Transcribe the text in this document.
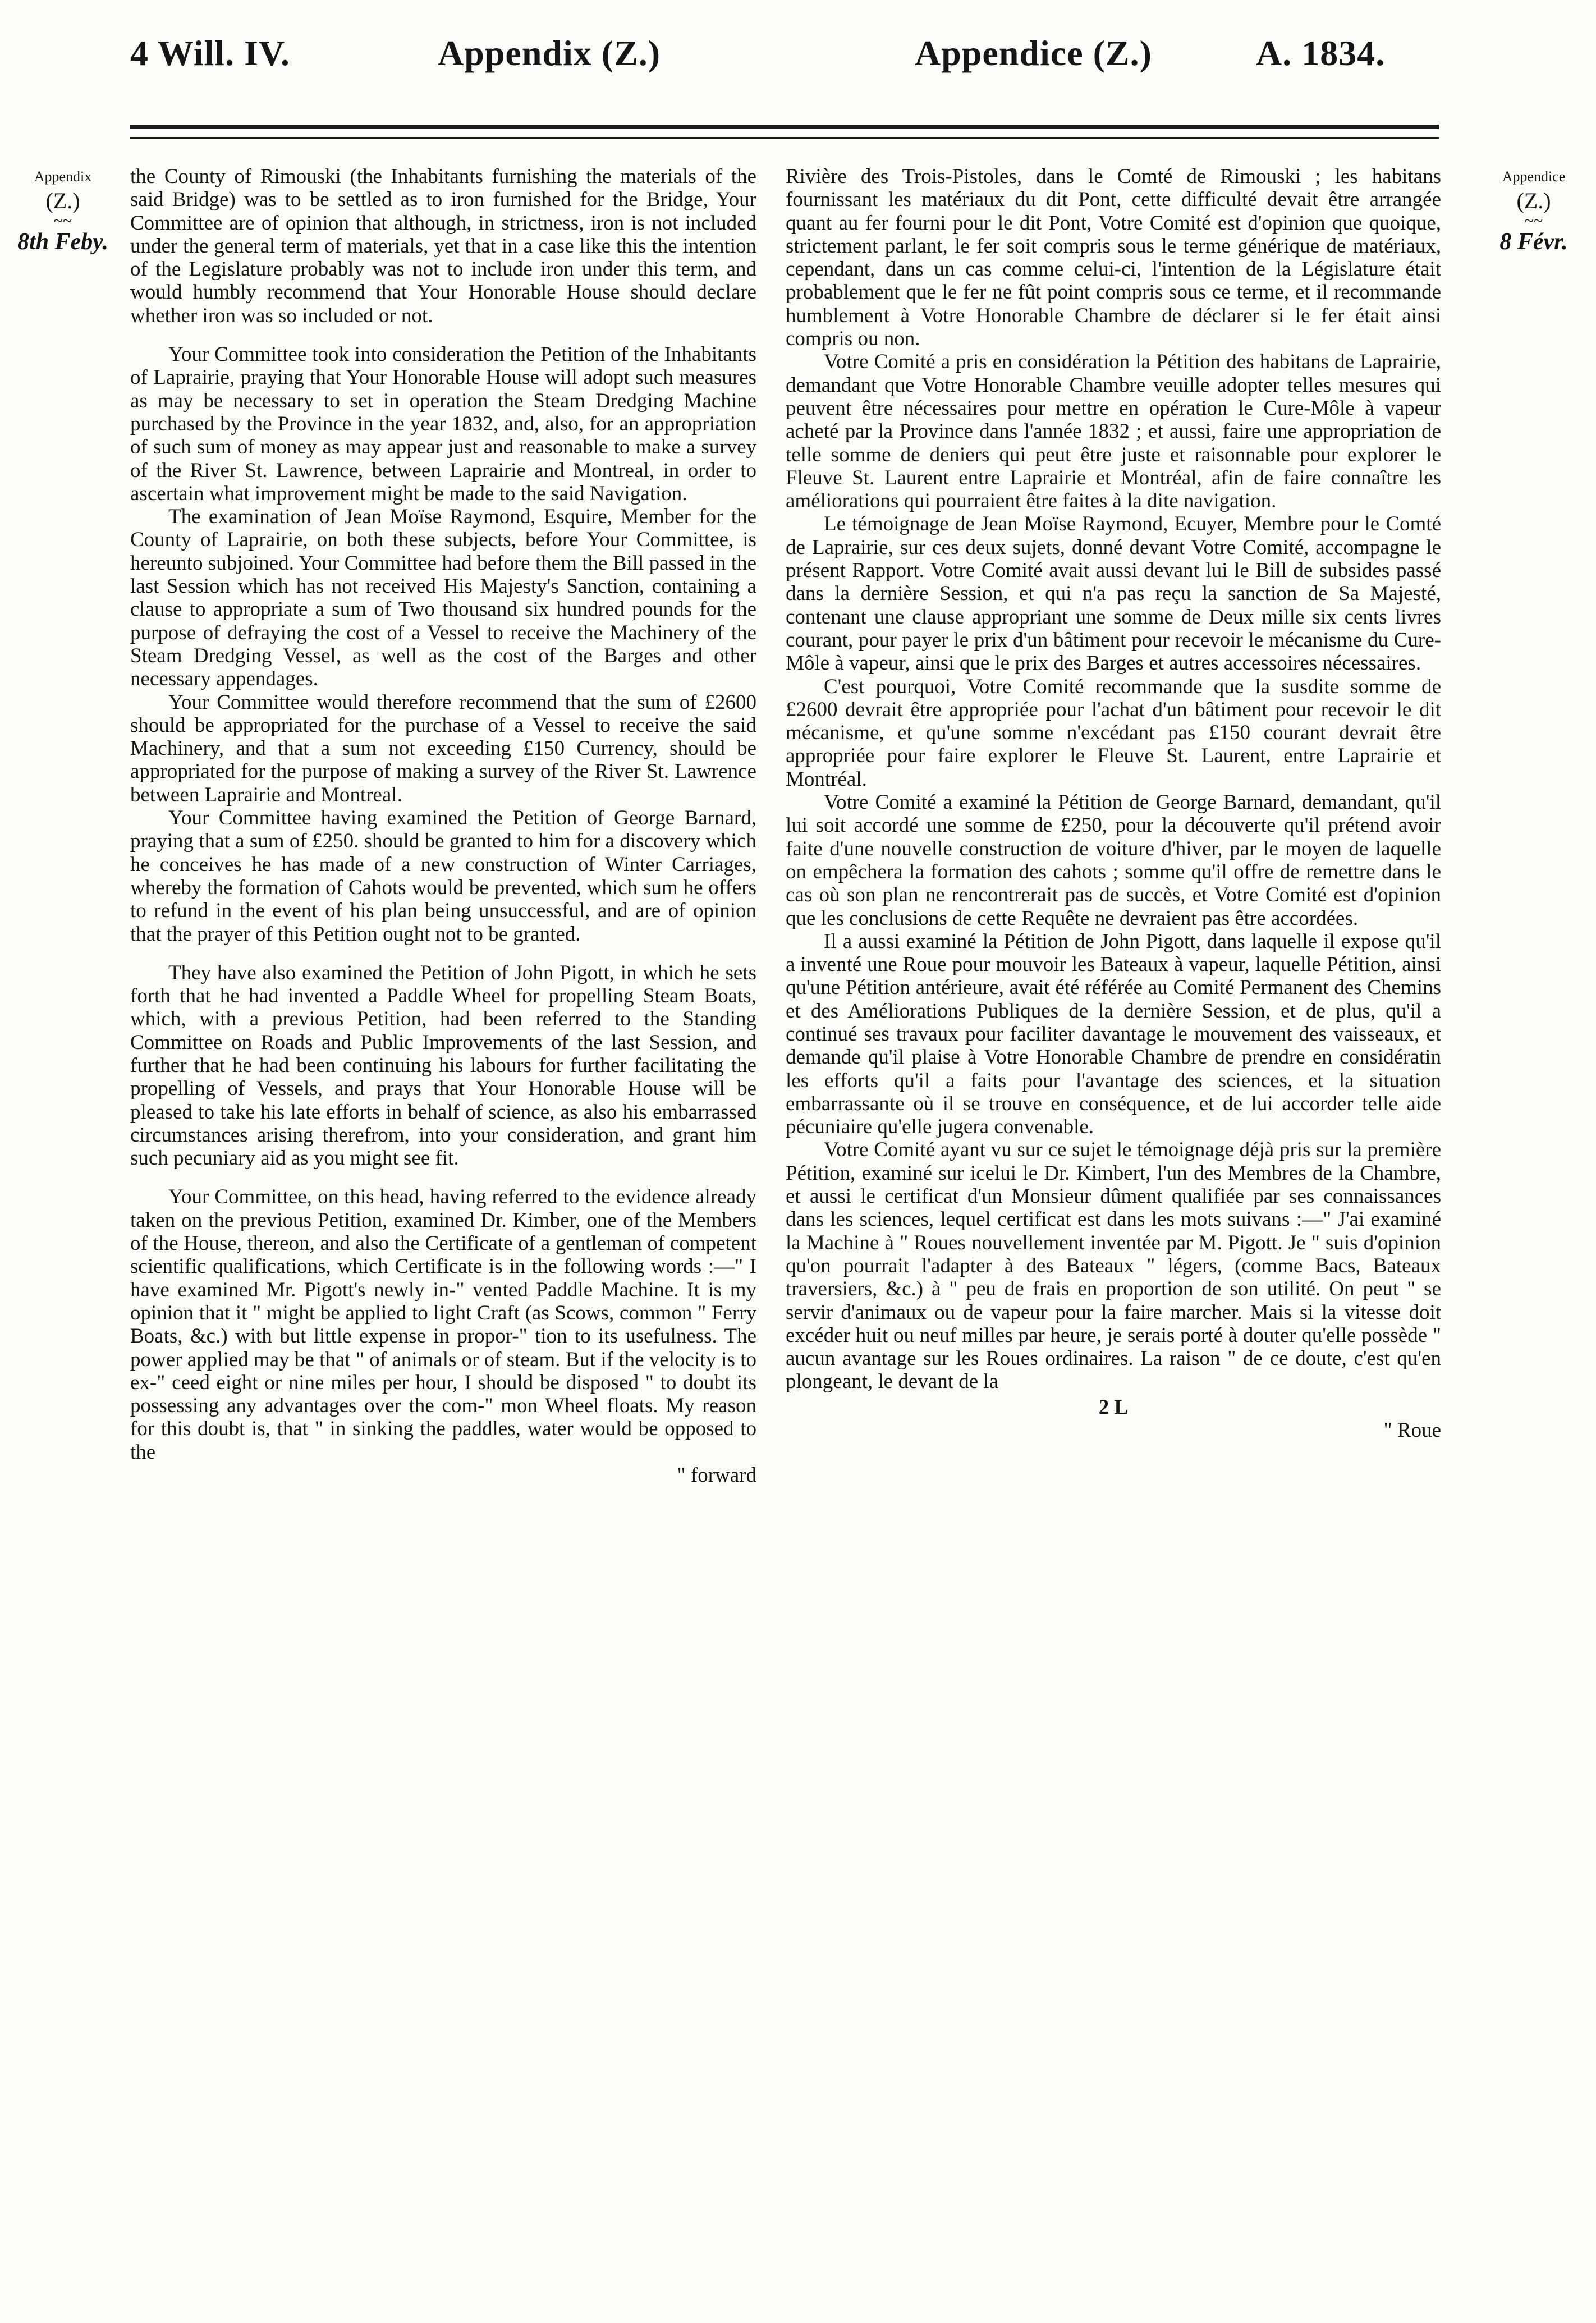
4 Will. IV.	Appendix (Z.)	Appendice (Z.)	A. 1834.
Appendix
(Z.)
~~
8th Feby.
Appendice
(Z.)
~~
8 Févr.

the County of Rimouski (the Inhabitants furnishing the materials of the said Bridge) was to be settled as to iron furnished for the Bridge, Your Committee are of opinion that although, in strictness, iron is not included under the general term of materials, yet that in a case like this the intention of the Legislature probably was not to include iron under this term, and would humbly recommend that Your Honorable House should declare whether iron was so included or not.

Your Committee took into consideration the Petition of the Inhabitants of Laprairie, praying that Your Honorable House will adopt such measures as may be necessary to set in operation the Steam Dredging Machine purchased by the Province in the year 1832, and, also, for an appropriation of such sum of money as may appear just and reasonable to make a survey of the River St. Lawrence, between Laprairie and Montreal, in order to ascertain what improvement might be made to the said Navigation.

The examination of Jean Moïse Raymond, Esquire, Member for the County of Laprairie, on both these subjects, before Your Committee, is hereunto subjoined. Your Committee had before them the Bill passed in the last Session which has not received His Majesty's Sanction, containing a clause to appropriate a sum of Two thousand six hundred pounds for the purpose of defraying the cost of a Vessel to receive the Machinery of the Steam Dredging Vessel, as well as the cost of the Barges and other necessary appendages.

Your Committee would therefore recommend that the sum of £2600 should be appropriated for the purchase of a Vessel to receive the said Machinery, and that a sum not exceeding £150 Currency, should be appropriated for the purpose of making a survey of the River St. Lawrence between Laprairie and Montreal.

Your Committee having examined the Petition of George Barnard, praying that a sum of £250. should be granted to him for a discovery which he conceives he has made of a new construction of Winter Carriages, whereby the formation of Cahots would be prevented, which sum he offers to refund in the event of his plan being unsuccessful, and are of opinion that the prayer of this Petition ought not to be granted.

They have also examined the Petition of John Pigott, in which he sets forth that he had invented a Paddle Wheel for propelling Steam Boats, which, with a previous Petition, had been referred to the Standing Committee on Roads and Public Improvements of the last Session, and further that he had been continuing his labours for further facilitating the propelling of Vessels, and prays that Your Honorable House will be pleased to take his late efforts in behalf of science, as also his embarrassed circumstances arising therefrom, into your consideration, and grant him such pecuniary aid as you might see fit.

Your Committee, on this head, having referred to the evidence already taken on the previous Petition, examined Dr. Kimber, one of the Members of the House, thereon, and also the Certificate of a gentleman of competent scientific qualifications, which Certificate is in the following words :—" I have examined Mr. Pigott's newly in-" vented Paddle Machine. It is my opinion that it " might be applied to light Craft (as Scows, common " Ferry Boats, &c.) with but little expense in propor-" tion to its usefulness. The power applied may be that " of animals or of steam. But if the velocity is to ex-" ceed eight or nine miles per hour, I should be disposed " to doubt its possessing any advantages over the com-" mon Wheel floats. My reason for this doubt is, that " in sinking the paddles, water would be opposed to the

" forward

Rivière des Trois-Pistoles, dans le Comté de Rimouski ; les habitans fournissant les matériaux du dit Pont, cette difficulté devait être arrangée quant au fer fourni pour le dit Pont, Votre Comité est d'opinion que quoique, strictement parlant, le fer soit compris sous le terme générique de matériaux, cependant, dans un cas comme celui-ci, l'intention de la Législature était probablement que le fer ne fût point compris sous ce terme, et il recommande humblement à Votre Honorable Chambre de déclarer si le fer était ainsi compris ou non.

Votre Comité a pris en considération la Pétition des habitans de Laprairie, demandant que Votre Honorable Chambre veuille adopter telles mesures qui peuvent être nécessaires pour mettre en opération le Cure-Môle à vapeur acheté par la Province dans l'année 1832 ; et aussi, faire une appropriation de telle somme de deniers qui peut être juste et raisonnable pour explorer le Fleuve St. Laurent entre Laprairie et Montréal, afin de faire connaître les améliorations qui pourraient être faites à la dite navigation.

Le témoignage de Jean Moïse Raymond, Ecuyer, Membre pour le Comté de Laprairie, sur ces deux sujets, donné devant Votre Comité, accompagne le présent Rapport. Votre Comité avait aussi devant lui le Bill de subsides passé dans la dernière Session, et qui n'a pas reçu la sanction de Sa Majesté, contenant une clause appropriant une somme de Deux mille six cents livres courant, pour payer le prix d'un bâtiment pour recevoir le mécanisme du Cure-Môle à vapeur, ainsi que le prix des Barges et autres accessoires nécessaires.

C'est pourquoi, Votre Comité recommande que la susdite somme de £2600 devrait être appropriée pour l'achat d'un bâtiment pour recevoir le dit mécanisme, et qu'une somme n'excédant pas £150 courant devrait être appropriée pour faire explorer le Fleuve St. Laurent, entre Laprairie et Montréal.

Votre Comité a examiné la Pétition de George Barnard, demandant, qu'il lui soit accordé une somme de £250, pour la découverte qu'il prétend avoir faite d'une nouvelle construction de voiture d'hiver, par le moyen de laquelle on empêchera la formation des cahots ; somme qu'il offre de remettre dans le cas où son plan ne rencontrerait pas de succès, et Votre Comité est d'opinion que les conclusions de cette Requête ne devraient pas être accordées.

Il a aussi examiné la Pétition de John Pigott, dans laquelle il expose qu'il a inventé une Roue pour mouvoir les Bateaux à vapeur, laquelle Pétition, ainsi qu'une Pétition antérieure, avait été référée au Comité Permanent des Chemins et des Améliorations Publiques de la dernière Session, et de plus, qu'il a continué ses travaux pour faciliter davantage le mouvement des vaisseaux, et demande qu'il plaise à Votre Honorable Chambre de prendre en considératin les efforts qu'il a faits pour l'avantage des sciences, et la situation embarrassante où il se trouve en conséquence, et de lui accorder telle aide pécuniaire qu'elle jugera convenable.

Votre Comité ayant vu sur ce sujet le témoignage déjà pris sur la première Pétition, examiné sur icelui le Dr. Kimbert, l'un des Membres de la Chambre, et aussi le certificat d'un Monsieur dûment qualifiée par ses connaissances dans les sciences, lequel certificat est dans les mots suivans :—" J'ai examiné la Machine à " Roues nouvellement inventée par M. Pigott. Je " suis d'opinion qu'on pourrait l'adapter à des Bateaux " légers, (comme Bacs, Bateaux traversiers, &c.) à " peu de frais en proportion de son utilité. On peut " se servir d'animaux ou de vapeur pour la faire marcher. Mais si la vitesse doit excéder huit ou neuf milles par heure, je serais porté à douter qu'elle possède " aucun avantage sur les Roues ordinaires. La raison " de ce doute, c'est qu'en plongeant, le devant de la

2 L

" Roue
